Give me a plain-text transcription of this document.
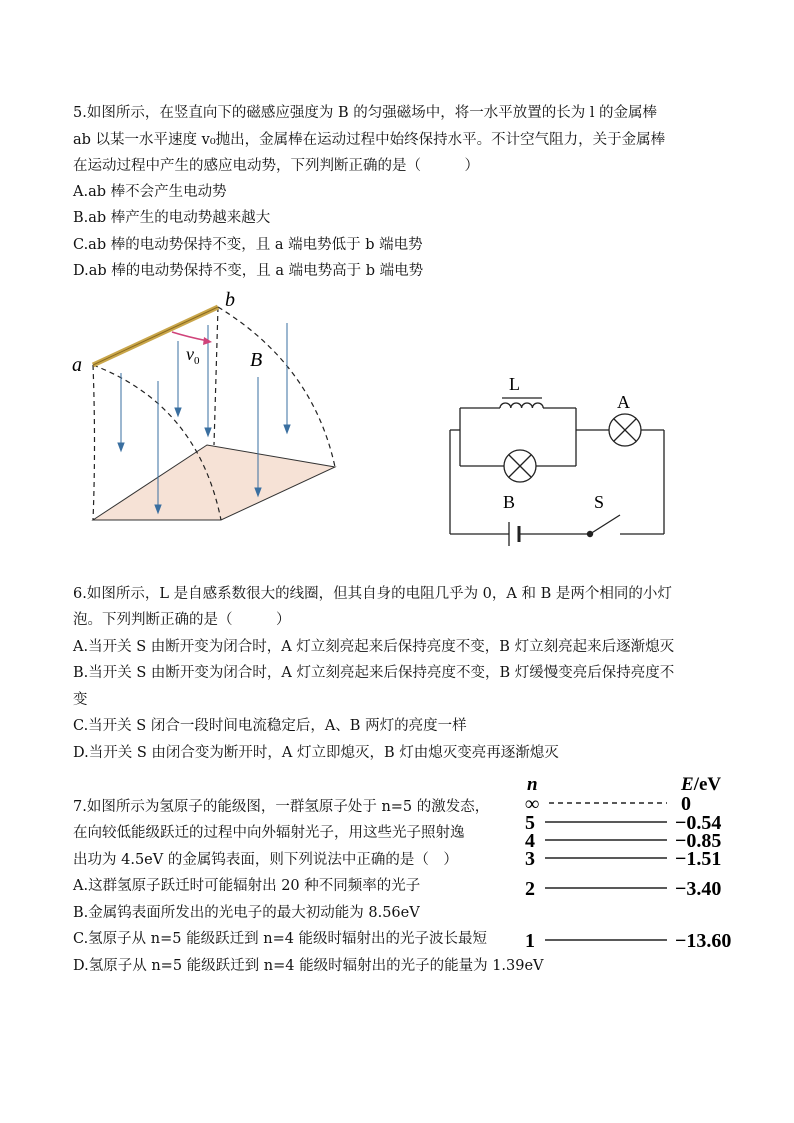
5.如图所示，在竖直向下的磁感应强度为 B 的匀强磁场中，将一水平放置的长为 l 的金属棒
ab 以某一水平速度 v₀抛出，金属棒在运动过程中始终保持水平。不计空气阻力，关于金属棒
在运动过程中产生的感应电动势，下列判断正确的是（　　　）
A.ab 棒不会产生电动势
B.ab 棒产生的电动势越来越大
C.ab 棒的电动势保持不变，且 a 端电势低于 b 端电势
D.ab 棒的电动势保持不变，且 a 端电势高于 b 端电势
a
b
$v_0$	B
L
A
B	S
6.如图所示，L 是自感系数很大的线圈，但其自身的电阻几乎为 0，A 和 B 是两个相同的小灯
泡。下列判断正确的是（　　　）
A.当开关 S 由断开变为闭合时，A 灯立刻亮起来后保持亮度不变，B 灯立刻亮起来后逐渐熄灭
B.当开关 S 由断开变为闭合时，A 灯立刻亮起来后保持亮度不变，B 灯缓慢变亮后保持亮度不
变
C.当开关 S 闭合一段时间电流稳定后，A、B 两灯的亮度一样
D.当开关 S 由闭合变为断开时，A 灯立即熄灭，B 灯由熄灭变亮再逐渐熄灭
7.如图所示为氢原子的能级图，一群氢原子处于 n=5 的激发态，
在向较低能级跃迁的过程中向外辐射光子，用这些光子照射逸
出功为 4.5eV 的金属钨表面，则下列说法中正确的是（　）
A.这群氢原子跃迁时可能辐射出 20 种不同频率的光子
B.金属钨表面所发出的光电子的最大初动能为 8.56eV
C.氢原子从 n=5 能级跃迁到 n=4 能级时辐射出的光子波长最短
D.氢原子从 n=5 能级跃迁到 n=4 能级时辐射出的光子的能量为 1.39eV
n	E/eV
∞	0
5	−0.54
4	−0.85
3	−1.51
2	−3.40
1	−13.60
